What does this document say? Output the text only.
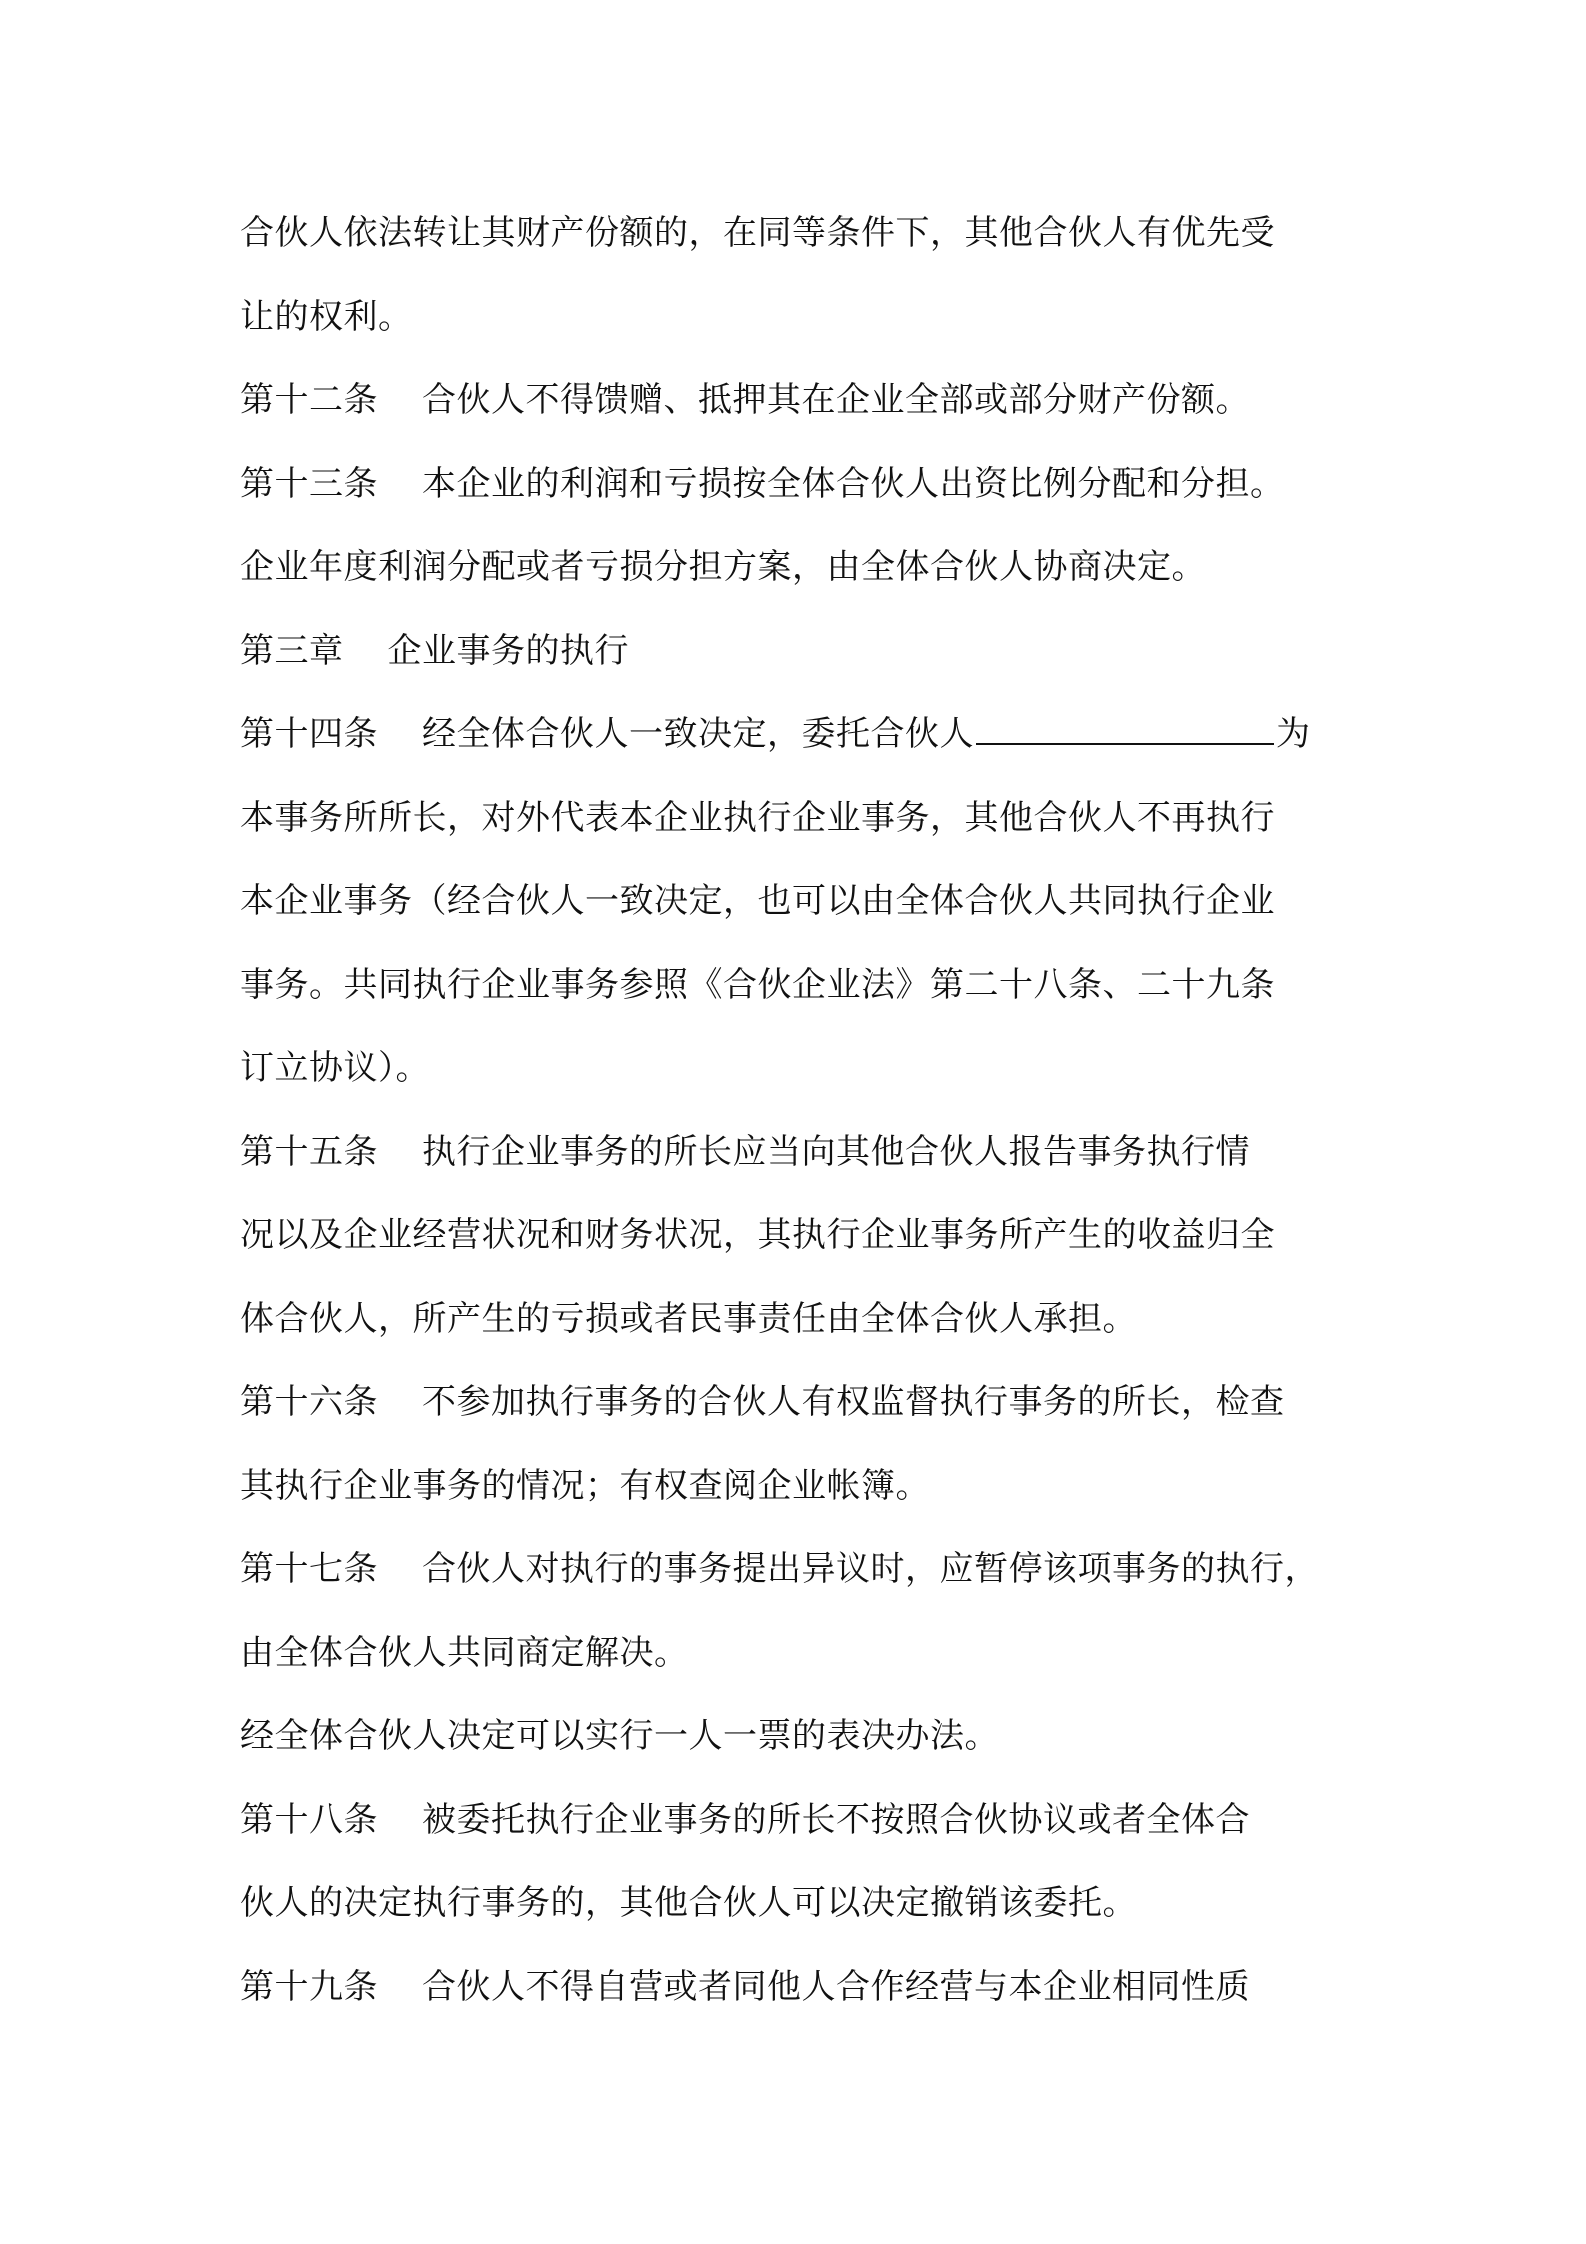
合伙人依法转让其财产份额的，在同等条件下，其他合伙人有优先受
让的权利。
第十二条 合伙人不得馈赠、抵押其在企业全部或部分财产份额。
第十三条 本企业的利润和亏损按全体合伙人出资比例分配和分担。
企业年度利润分配或者亏损分担方案，由全体合伙人协商决定。
第三章 企业事务的执行
第十四条 经全体合伙人一致决定，委托合伙人	为
本事务所所长，对外代表本企业执行企业事务，其他合伙人不再执行
本企业事务（经合伙人一致决定，也可以由全体合伙人共同执行企业
事务。共同执行企业事务参照《合伙企业法》第二十八条、二十九条
订立协议）。
第十五条 执行企业事务的所长应当向其他合伙人报告事务执行情
况以及企业经营状况和财务状况，其执行企业事务所产生的收益归全
体合伙人，所产生的亏损或者民事责任由全体合伙人承担。
第十六条 不参加执行事务的合伙人有权监督执行事务的所长，检查
其执行企业事务的情况；有权查阅企业帐簿。
第十七条 合伙人对执行的事务提出异议时，应暂停该项事务的执行，
由全体合伙人共同商定解决。
经全体合伙人决定可以实行一人一票的表决办法。
第十八条 被委托执行企业事务的所长不按照合伙协议或者全体合
伙人的决定执行事务的，其他合伙人可以决定撤销该委托。
第十九条 合伙人不得自营或者同他人合作经营与本企业相同性质
